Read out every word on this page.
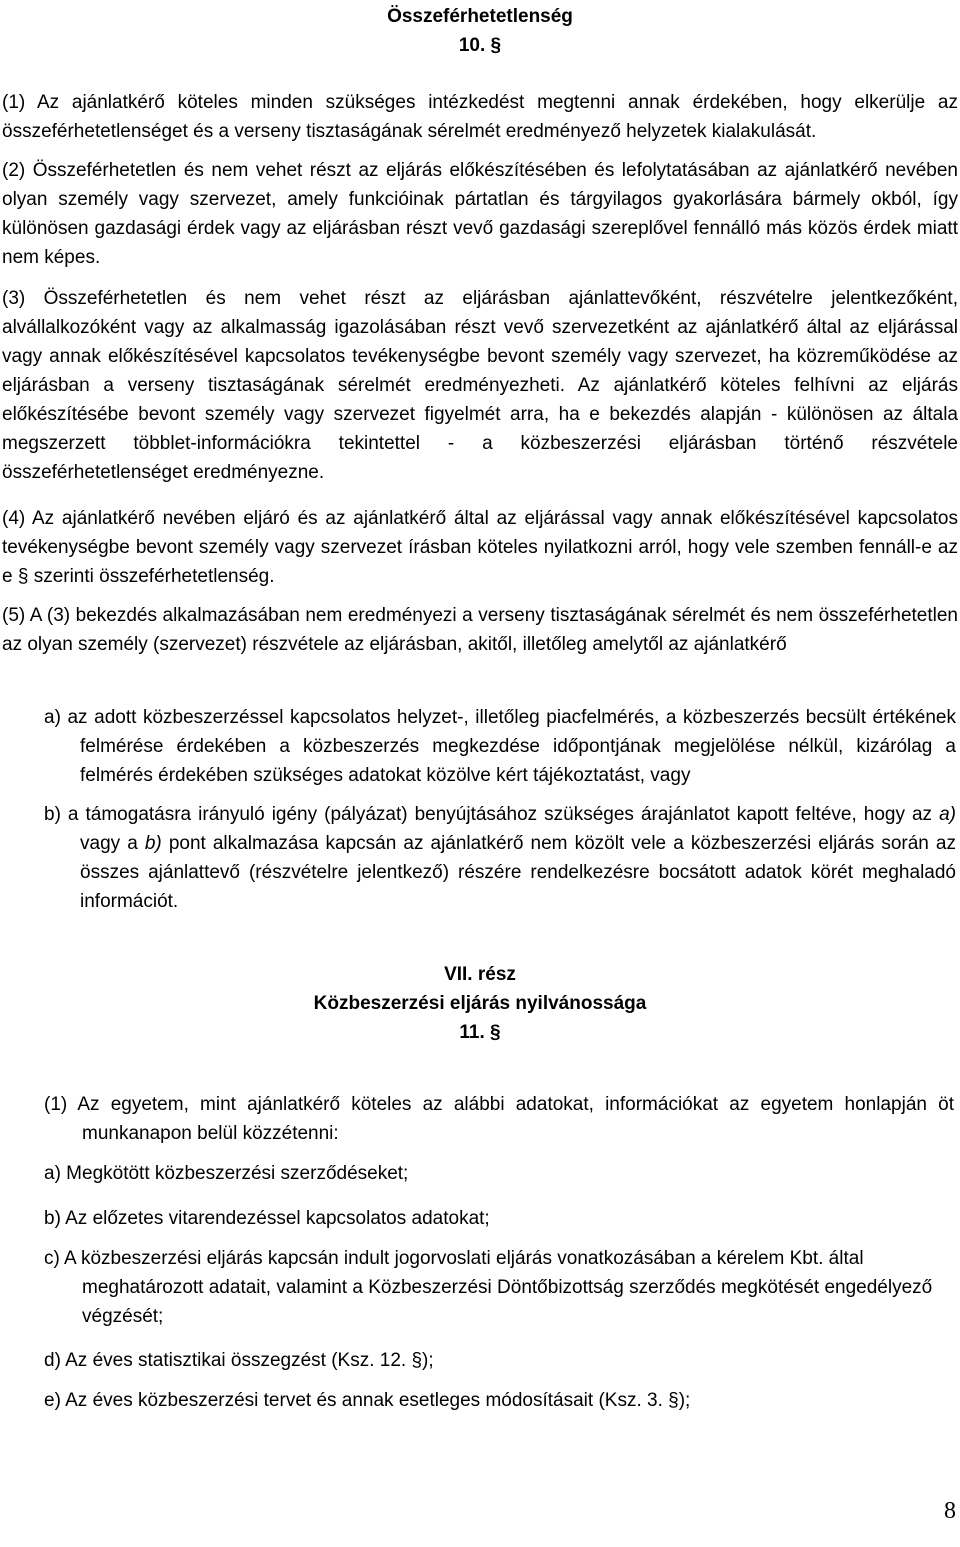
Összeférhetetlenség
10. §

(1) Az ajánlatkérő köteles minden szükséges intézkedést megtenni annak érdekében, hogy elkerülje az összeférhetetlenséget és a verseny tisztaságának sérelmét eredményező helyzetek kialakulását.

(2) Összeférhetetlen és nem vehet részt az eljárás előkészítésében és lefolytatásában az ajánlatkérő nevében olyan személy vagy szervezet, amely funkcióinak pártatlan és tárgyilagos gyakorlására bármely okból, így különösen gazdasági érdek vagy az eljárásban részt vevő gazdasági szereplővel fennálló más közös érdek miatt nem képes.

(3) Összeférhetetlen és nem vehet részt az eljárásban ajánlattevőként, részvételre jelentkezőként, alvállalkozóként vagy az alkalmasság igazolásában részt vevő szervezetként az ajánlatkérő által az eljárással vagy annak előkészítésével kapcsolatos tevékenységbe bevont személy vagy szervezet, ha közreműködése az eljárásban a verseny tisztaságának sérelmét eredményezheti. Az ajánlatkérő köteles felhívni az eljárás előkészítésébe bevont személy vagy szervezet figyelmét arra, ha e bekezdés alapján - különösen az általa megszerzett többlet-információkra tekintettel - a közbeszerzési eljárásban történő részvétele összeférhetetlenséget eredményezne.

(4) Az ajánlatkérő nevében eljáró és az ajánlatkérő által az eljárással vagy annak előkészítésével kapcsolatos tevékenységbe bevont személy vagy szervezet írásban köteles nyilatkozni arról, hogy vele szemben fennáll-e az e § szerinti összeférhetetlenség.

(5) A (3) bekezdés alkalmazásában nem eredményezi a verseny tisztaságának sérelmét és nem összeférhetetlen az olyan személy (szervezet) részvétele az eljárásban, akitől, illetőleg amelytől az ajánlatkérő

a) az adott közbeszerzéssel kapcsolatos helyzet-, illetőleg piacfelmérés, a közbeszerzés becsült értékének felmérése érdekében a közbeszerzés megkezdése időpontjának megjelölése nélkül, kizárólag a felmérés érdekében szükséges adatokat közölve kért tájékoztatást, vagy

b) a támogatásra irányuló igény (pályázat) benyújtásához szükséges árajánlatot kapott feltéve, hogy az a) vagy a b) pont alkalmazása kapcsán az ajánlatkérő nem közölt vele a közbeszerzési eljárás során az összes ajánlattevő (részvételre jelentkező) részére rendelkezésre bocsátott adatok körét meghaladó információt.

VII. rész
Közbeszerzési eljárás nyilvánossága
11. §

(1) Az egyetem, mint ajánlatkérő köteles az alábbi adatokat, információkat az egyetem honlapján öt munkanapon belül közzétenni:

a) Megkötött közbeszerzési szerződéseket;

b) Az előzetes vitarendezéssel kapcsolatos adatokat;

c) A közbeszerzési eljárás kapcsán indult jogorvoslati eljárás vonatkozásában a kérelem Kbt. által meghatározott adatait, valamint a Közbeszerzési Döntőbizottság szerződés megkötését engedélyező végzését;

d) Az éves statisztikai összegzést (Ksz. 12. §);

e) Az éves közbeszerzési tervet és annak esetleges módosításait (Ksz. 3. §);

8
